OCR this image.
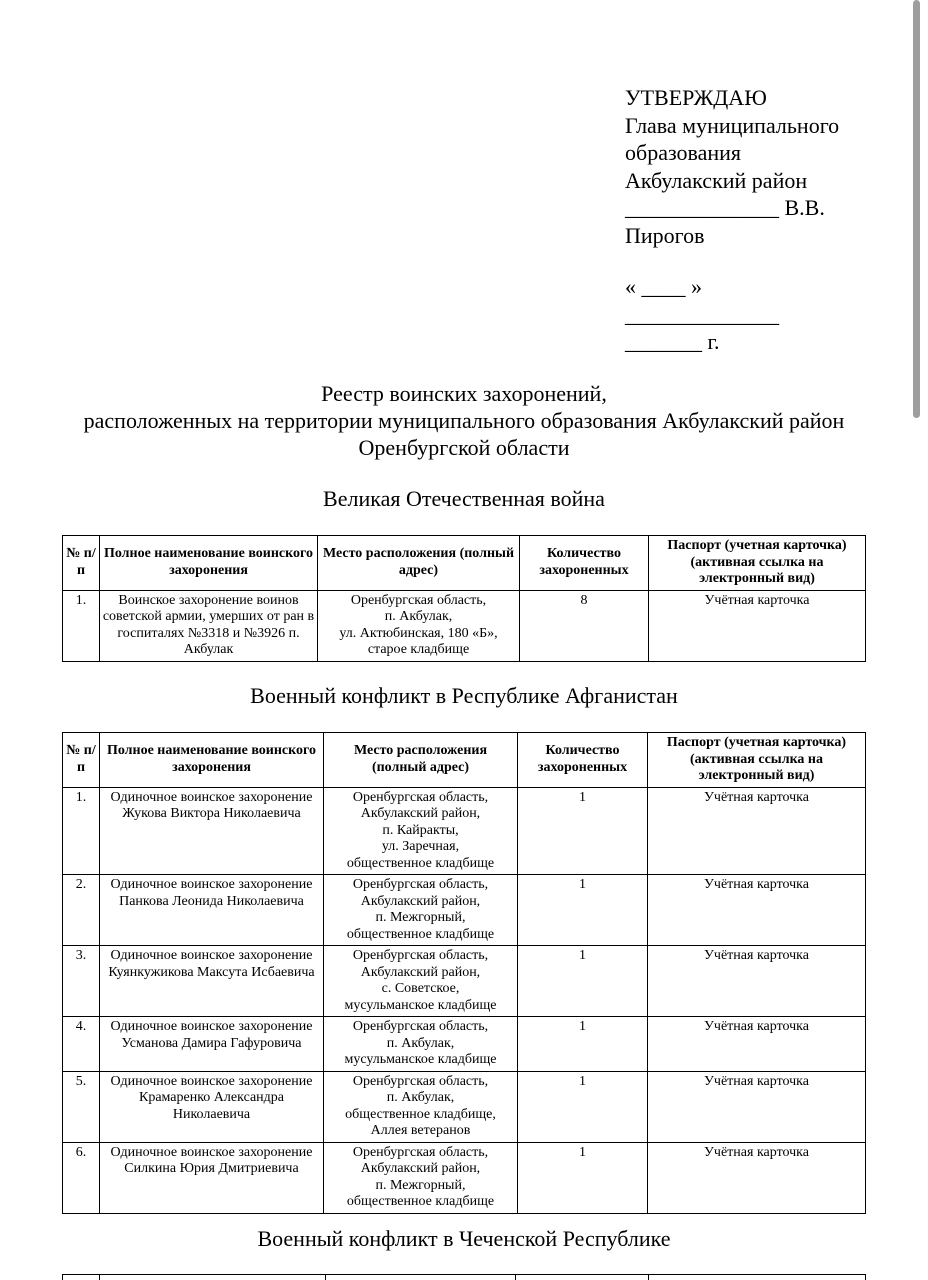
УТВЕРЖДАЮ
Глава муниципального
образования
Акбулакский район
______________ В.В.
Пирогов
« ____ »
______________
_______ г.
Реестр воинских захоронений,
расположенных на территории муниципального образования Акбулакский район
Оренбургской области
Великая Отечественная война
№ п/п	Полное наименование воинского захоронения	Место расположения (полный адрес)	Количество захороненных	Паспорт (учетная карточка) (активная ссылка на электронный вид)
1.	Воинское захоронение воинов советской армии, умерших от ран в госпиталях №3318 и №3926 п. Акбулак	Оренбургская область,
п. Акбулак,
ул. Актюбинская, 180 «Б»,
старое кладбище	8	Учётная карточка
Военный конфликт в Республике Афганистан
№ п/п	Полное наименование воинского захоронения	Место расположения (полный адрес)	Количество захороненных	Паспорт (учетная карточка) (активная ссылка на электронный вид)
1.	Одиночное воинское захоронение Жукова Виктора Николаевича	Оренбургская область,
Акбулакский район,
п. Кайракты,
ул. Заречная,
общественное кладбище	1	Учётная карточка
2.	Одиночное воинское захоронение Панкова Леонида Николаевича	Оренбургская область,
Акбулакский район,
п. Межгорный,
общественное кладбище	1	Учётная карточка
3.	Одиночное воинское захоронение Куянкужикова Максута Исбаевича	Оренбургская область,
Акбулакский район,
с. Советское,
мусульманское кладбище	1	Учётная карточка
4.	Одиночное воинское захоронение Усманова Дамира Гафуровича	Оренбургская область,
п. Акбулак,
мусульманское кладбище	1	Учётная карточка
5.	Одиночное воинское захоронение Крамаренко Александра Николаевича	Оренбургская область,
п. Акбулак,
общественное кладбище,
Аллея ветеранов	1	Учётная карточка
6.	Одиночное воинское захоронение Силкина Юрия Дмитриевича	Оренбургская область,
Акбулакский район,
п. Межгорный,
общественное кладбище	1	Учётная карточка
Военный конфликт в Чеченской Республике
